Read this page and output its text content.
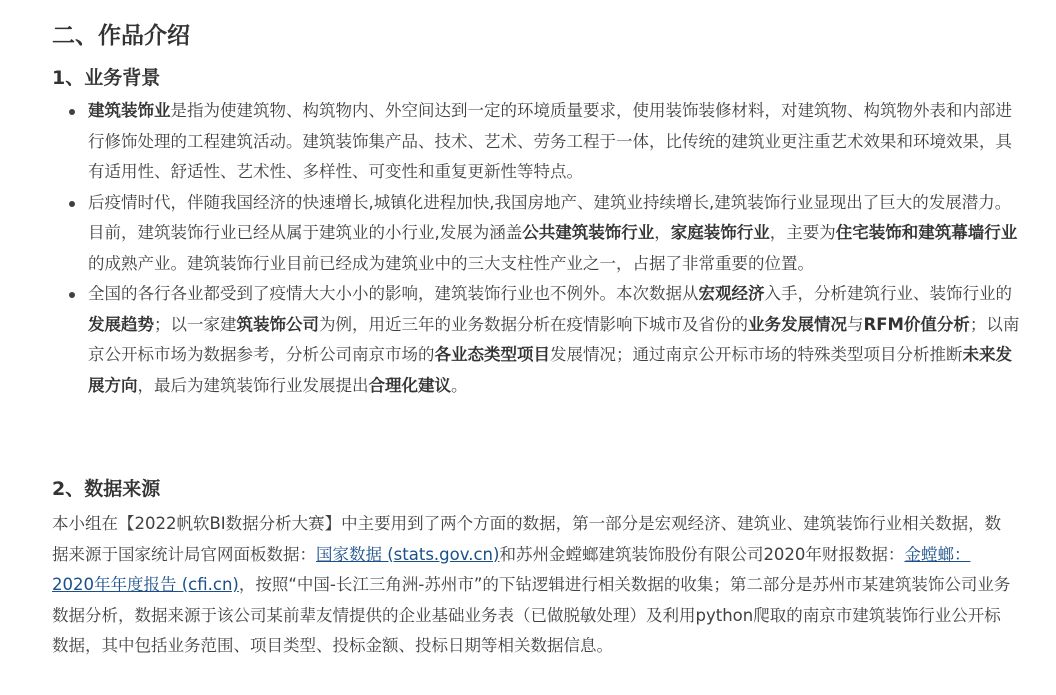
二、作品介绍
1、业务背景
建筑装饰业是指为使建筑物、构筑物内、外空间达到一定的环境质量要求，使用装饰装修材料，对建筑物、构筑物外表和内部进行修饰处理的工程建筑活动。建筑装饰集产品、技术、艺术、劳务工程于一体，比传统的建筑业更注重艺术效果和环境效果，具有适用性、舒适性、艺术性、多样性、可变性和重复更新性等特点。
后疫情时代，伴随我国经济的快速增长,城镇化进程加快,我国房地产、建筑业持续增长,建筑装饰行业显现出了巨大的发展潜力。目前，建筑装饰行业已经从属于建筑业的小行业,发展为涵盖公共建筑装饰行业，家庭装饰行业，主要为住宅装饰和建筑幕墙行业的成熟产业。建筑装饰行业目前已经成为建筑业中的三大支柱性产业之一，占据了非常重要的位置。
全国的各行各业都受到了疫情大大小小的影响，建筑装饰行业也不例外。本次数据从宏观经济入手，分析建筑行业、装饰行业的发展趋势；以一家建筑装饰公司为例，用近三年的业务数据分析在疫情影响下城市及省份的业务发展情况与RFM价值分析；以南京公开标市场为数据参考，分析公司南京市场的各业态类型项目发展情况；通过南京公开标市场的特殊类型项目分析推断未来发展方向，最后为建筑装饰行业发展提出合理化建议。
2、数据来源

本小组在【2022帆软BI数据分析大赛】中主要用到了两个方面的数据，第一部分是宏观经济、建筑业、建筑装饰行业相关数据，数据来源于国家统计局官网面板数据：国家数据 (stats.gov.cn)和苏州金螳螂建筑装饰股份有限公司2020年财报数据：金螳螂：2020年年度报告 (cfi.cn)，按照“中国-长江三角洲-苏州市”的下钻逻辑进行相关数据的收集；第二部分是苏州市某建筑装饰公司业务数据分析，数据来源于该公司某前辈友情提供的企业基础业务表（已做脱敏处理）及利用python爬取的南京市建筑装饰行业公开标数据，其中包括业务范围、项目类型、投标金额、投标日期等相关数据信息。
